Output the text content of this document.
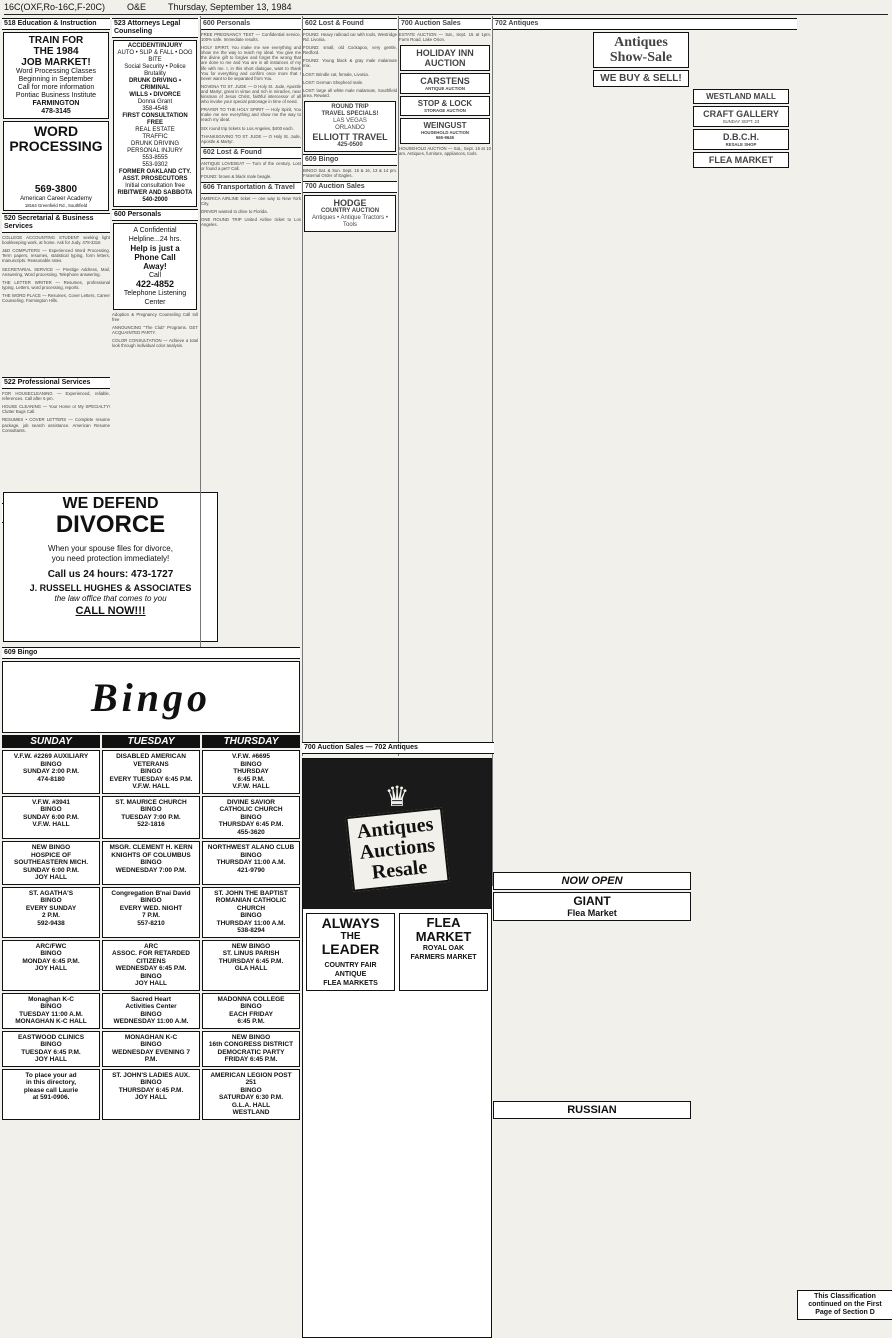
16C(OXF,Ro-16C,F-20C) O&E Thursday, September 13, 1984
518 Education & Instruction
TRAIN FOR
THE 1984
JOB MARKET!
Word Processing Classes
Beginning in September
Call for more information
Pontiac Business Institute
FARMINGTON
478-3145
WORD
PROCESSING
569-3800
American Career Academy
18164 Greenfield Rd., Southfield
520 Secretarial & Business Services

COLLEGE ACCOUNTING STUDENT seeking light bookkeeping work, at home. Ask for Judy. 478-3316

J&D COMPUTERS — Experienced Word Processing. Term papers, resumes, statistical typing, form letters, manuscripts. Reasonable rates.

SECRETARIAL SERVICE — Prestige Address, Mail, Answering, Word processing. Telephone answering.

THE LETTER WRITER — Resumes, professional typing. Letters, word processing, reports.

THE WORD PLACE — Resumes, Cover Letters, Career Counseling. Farmington Hills.

522 Professional Services

FOR HOUSECLEANING — Experienced, reliable, references. Call after 6 pm.

HOUSE CLEANING — Your Home or My SPECIALTY! Clutter Bugs Call.

RESUMES • COVER LETTERS — Complete resume package, job search assistance. American Resume Consultants.

WE DEFEND
DIVORCE
When your spouse files for divorce,
you need protection immediately!
Call us 24 hours: 473-1727
J. RUSSELL HUGHES & ASSOCIATES
the law office that comes to you
CALL NOW!!!
523 Attorneys Legal Counseling
ACCIDENT/INJURY
AUTO • SLIP & FALL • DOG BITE
Social Security • Police Brutality
DRUNK DRIVING • CRIMINAL
WILLS • DIVORCE
Donna Grant
358-4548
FIRST CONSULTATION
FREE
REAL ESTATE
TRAFFIC
DRUNK DRIVING
PERSONAL INJURY
553-8555
553-9302
FORMER OAKLAND CTY.
ASST. PROSECUTORS
Initial consultation free
RIBITWER AND SABBOTA
540-2000
600 Personals
A Confidential Helpline...24 hrs.
Help is just a
Phone Call
Away!
Call
422-4852
Telephone Listening Center

Adoption & Pregnancy Counseling Call toll free

ANNOUNCING "The Club" Programs. GET ACQUAINTED PARTY.

COLOR CONSULTATION — Achieve a total look through individual color analysis.

600 Personals

FREE PREGNANCY TEST — Confidential service, 100% safe. Immediate results.

HOLY SPIRIT, You make me see everything and show me the way to reach my ideal. You give me the divine gift to forgive and forget the wrong that are done to me and You are in all instances of my life with me. I, in this short dialogue, want to thank You for everything and confirm once more that I never want to be separated from You.

NOVENA TO ST. JUDE — O Holy St. Jude, Apostle and Martyr, great in virtue and rich in miracles, near kinsman of Jesus Christ, faithful intercessor of all who invoke your special patronage in time of need.

PRAYER TO THE HOLY SPIRIT — Holy Spirit, You make me see everything and show me the way to reach my ideal.

SIX round trip tickets to Los Angeles, $400 each.

THANKSGIVING TO ST. JUDE — O Holy St. Jude, Apostle & Martyr.

602 Lost & Found

ANTIQUE LOVESEAT — Turn of the century. Lost or found a pet? Call.

FOUND: brown & black male beagle.

606 Transportation & Travel

AMERICA AIRLINE ticket — one way to New York City.

DRIVER wanted to drive to Florida.

ONE ROUND TRIP United Airline ticket to Los Angeles.

602 Lost & Found

FOUND: Heavy railroad car with tools, Westridge Rd. Livonia.

FOUND: small, old Cockapoo, very gentle, Redford.

FOUND: Young black & gray male malamute mix.

LOST: Brindle cat, female, Livonia.

LOST: German Shepherd male.

LOST: large all white male malamute, Southfield area. Reward.

ROUND TRIP
TRAVEL SPECIALS!
LAS VEGAS
ORLANDO
ELLIOTT TRAVEL
425-0500
609 Bingo

BINGO Sat. & Sun. Sept. 15 & 16, 13 & 14 pm. Fraternal Order of Eagles.

700 Auction Sales
HODGE
COUNTRY AUCTION
Antiques • Antique Tractors • Tools
700 Auction Sales

ESTATE AUCTION — Sat., Sept. 15 at 1pm. Farm Road, Lake Orion.

HOLIDAY INN
AUCTION
CARSTENS
ANTIQUE AUCTION
STOP & LOCK
STORAGE AUCTION
WEINGUST
HOUSEHOLD AUCTION
665-9646

HOUSEHOLD AUCTION — Sat., Sept. 15 at 10 am. Antiques, furniture, appliances, tools.

702 Antiques
Antiques
Show-Sale
WE BUY & SELL!
WESTLAND MALL
CRAFT GALLERY
SUNDAY SEPT. 23
D.B.C.H.
RESALE SHOP
FLEA MARKET
609 Bingo
Bingo
SUNDAY	TUESDAY	THURSDAY
V.F.W. #2269 AUXILIARY
BINGO
SUNDAY 2:00 P.M.
474-8180
DISABLED AMERICAN VETERANS
BINGO
EVERY TUESDAY 6:45 P.M.
V.F.W. HALL
V.F.W. #6695
BINGO
THURSDAY
6:45 P.M.
V.F.W. HALL
V.F.W. #3941
BINGO
SUNDAY 6:00 P.M.
V.F.W. HALL
ST. MAURICE CHURCH
BINGO
TUESDAY 7:00 P.M.
522-1816
DIVINE SAVIOR
CATHOLIC CHURCH
BINGO
THURSDAY 6:45 P.M.
455-3620
NEW BINGO
HOSPICE OF
SOUTHEASTERN MICH.
SUNDAY 6:00 P.M.
JOY HALL
MSGR. CLEMENT H. KERN
KNIGHTS OF COLUMBUS
BINGO
WEDNESDAY 7:00 P.M.
NORTHWEST ALANO CLUB
BINGO
THURSDAY 11:00 A.M.
421-9790
ST. AGATHA'S
BINGO
EVERY SUNDAY
2 P.M.
592-9438
Congregation B'nai David
BINGO
EVERY WED. NIGHT
7 P.M.
557-8210
ST. JOHN THE BAPTIST
ROMANIAN CATHOLIC CHURCH
BINGO
THURSDAY 11:00 A.M.
538-8294
ARC/FWC
BINGO
MONDAY 6:45 P.M.
JOY HALL
ARC
ASSOC. FOR RETARDED CITIZENS
WEDNESDAY 6:45 P.M.
BINGO
JOY HALL
NEW BINGO
ST. LINUS PARISH
THURSDAY 6:45 P.M.
GLA HALL
Monaghan K-C
BINGO
TUESDAY 11:00 A.M.
MONAGHAN K-C HALL
Sacred Heart
Activities Center
BINGO
WEDNESDAY 11:00 A.M.
MADONNA COLLEGE
BINGO
EACH FRIDAY
6:45 P.M.
EASTWOOD CLINICS
BINGO
TUESDAY 6:45 P.M.
JOY HALL
MONAGHAN K-C
BINGO
WEDNESDAY EVENING 7 P.M.
NEW BINGO
16th CONGRESS DISTRICT
DEMOCRATIC PARTY
FRIDAY 6:45 P.M.
To place your ad
in this directory,
please call Laurie
at 591-0906.
ST. JOHN'S LADIES AUX.
BINGO
THURSDAY 6:45 P.M.
JOY HALL
AMERICAN LEGION POST 251
BINGO
SATURDAY 6:30 P.M.
G.L.A. HALL
WESTLAND
700 Auction Sales — 702 Antiques
♛
Antiques
Auctions
Resale
ALWAYS
THE
LEADER
COUNTRY FAIR
ANTIQUE
FLEA MARKETS
FLEA
MARKET
ROYAL OAK
FARMERS MARKET
NOW OPEN
GIANT
Flea Market
RUSSIAN
This Classification
continued on the First
Page of Section D
